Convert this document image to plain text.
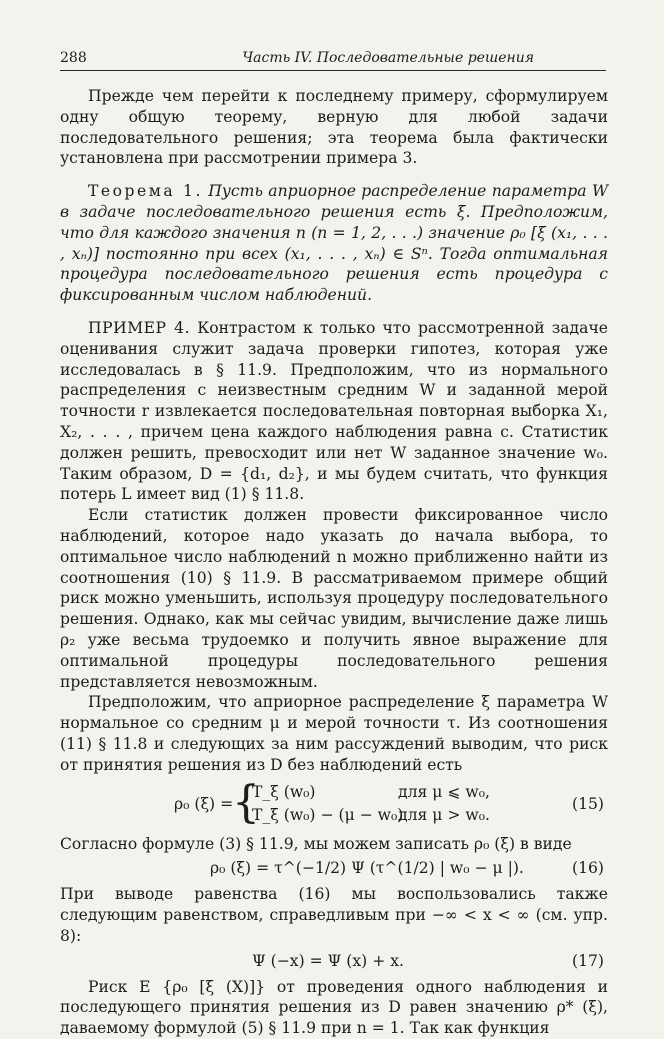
288	Часть IV. Последовательные решения

Прежде чем перейти к последнему примеру, сформулируем одну общую теорему, верную для любой задачи последовательного решения; эта теорема была фактически установлена при рассмотрении примера 3.

Теорема 1. Пусть априорное распределение параметра W в задаче последовательного решения есть ξ. Предположим, что для каждого значения n (n = 1, 2, . . .) значение ρ₀ [ξ (x₁, . . . , xₙ)] постоянно при всех (x₁, . . . , xₙ) ∈ Sⁿ. Тогда оптимальная процедура последовательного решения есть процедура с фиксированным числом наблюдений.

ПРИМЕР 4. Контрастом к только что рассмотренной задаче оценивания служит задача проверки гипотез, которая уже исследовалась в § 11.9. Предположим, что из нормального распределения с неизвестным средним W и заданной мерой точности r извлекается последовательная повторная выборка X₁, X₂, . . . , причем цена каждого наблюдения равна c. Статистик должен решить, превосходит или нет W заданное значение w₀. Таким образом, D = {d₁, d₂}, и мы будем считать, что функция потерь L имеет вид (1) § 11.8.

Если статистик должен провести фиксированное число наблюдений, которое надо указать до начала выбора, то оптимальное число наблюдений n можно приближенно найти из соотношения (10) § 11.9. В рассматриваемом примере общий риск можно уменьшить, используя процедуру последовательного решения. Однако, как мы сейчас увидим, вычисление даже лишь ρ₂ уже весьма трудоемко и получить явное выражение для оптимальной процедуры последовательного решения представляется невозможным.

Предположим, что априорное распределение ξ параметра W нормальное со средним μ и мерой точности τ. Из соотношения (11) § 11.8 и следующих за ним рассуждений выводим, что риск от принятия решения из D без наблюдений есть

ρ₀ (ξ) =
{
T_ξ (w₀)	для μ ⩽ w₀,
T_ξ (w₀) − (μ − w₀)
для μ > w₀.
(15)

Согласно формуле (3) § 11.9, мы можем записать ρ₀ (ξ) в виде

ρ₀ (ξ) = τ^(−1/2) Ψ (τ^(1/2) | w₀ − μ |).	(16)

При выводе равенства (16) мы воспользовались также следующим равенством, справедливым при −∞ < x < ∞ (см. упр. 8):

Ψ (−x) = Ψ (x) + x.	(17)

Риск E {ρ₀ [ξ (X)]} от проведения одного наблюдения и последующего принятия решения из D равен значению ρ* (ξ), даваемому формулой (5) § 11.9 при n = 1. Так как функция
